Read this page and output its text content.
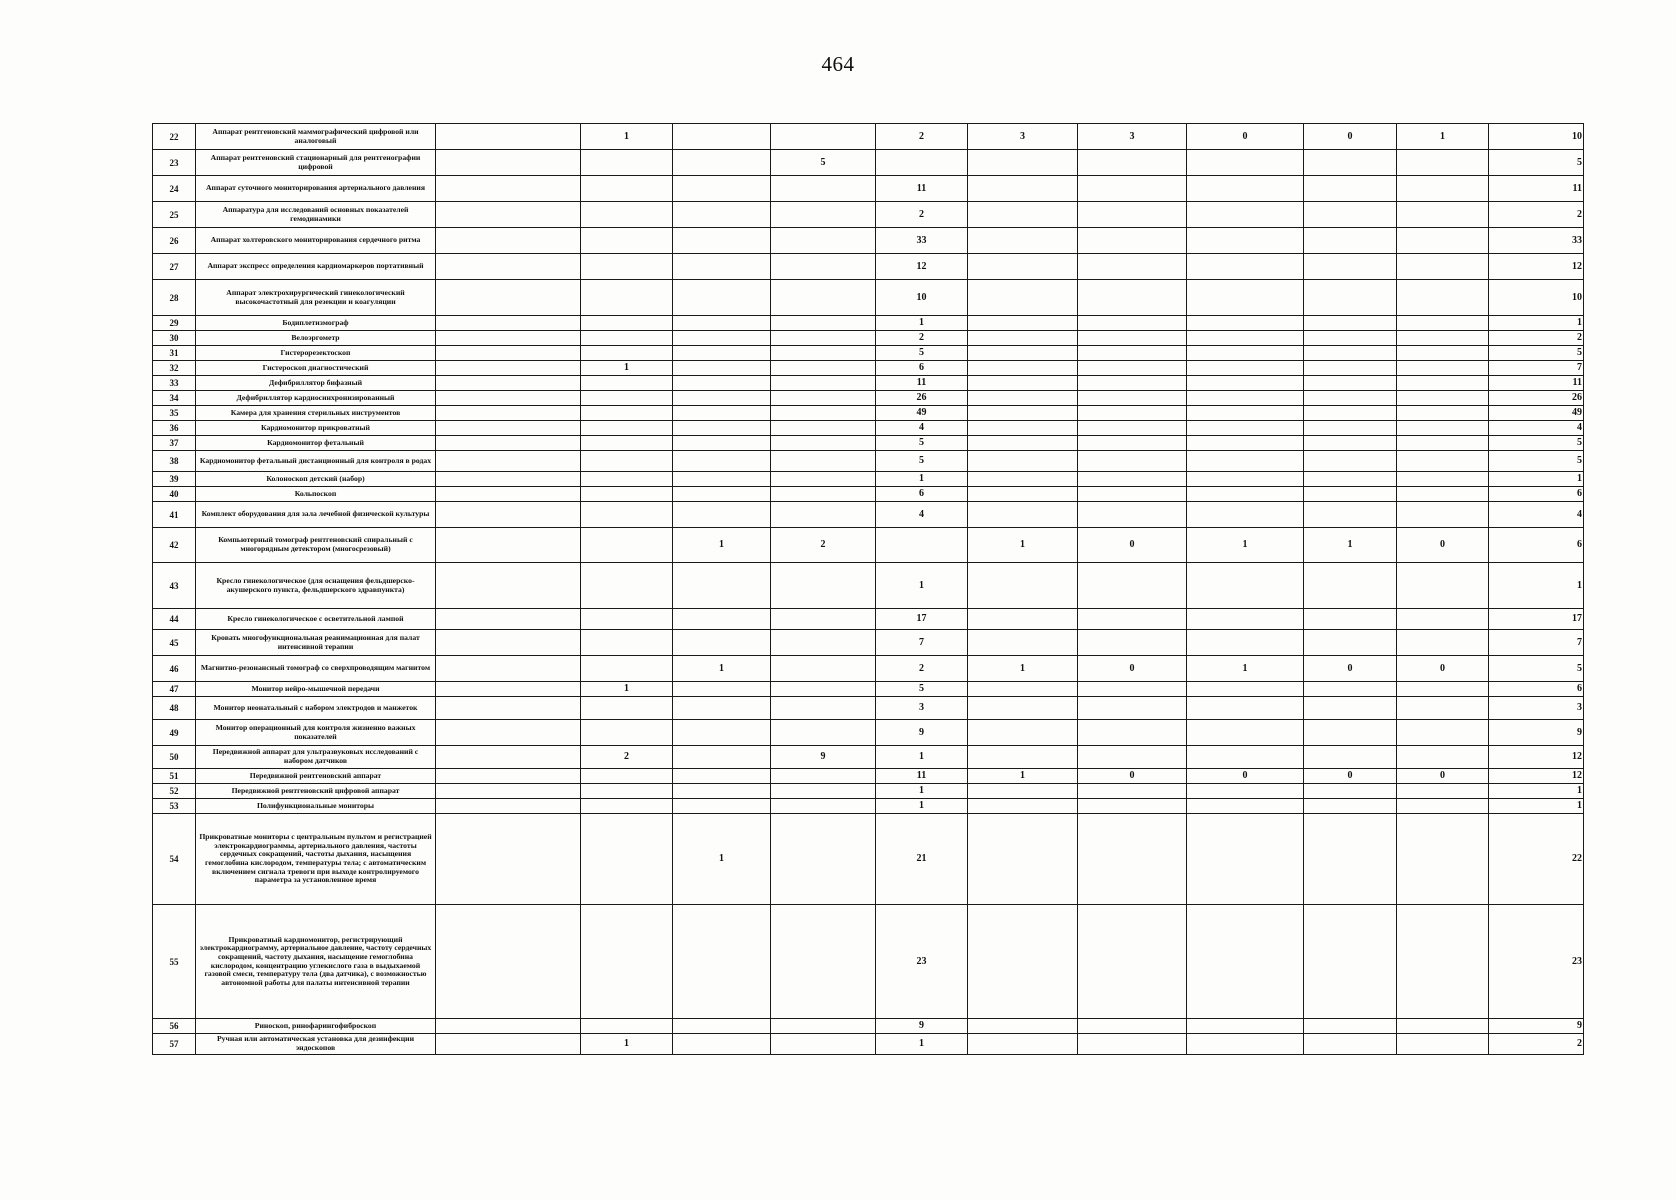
464
22	Аппарат рентгеновский маммографический цифровой или аналоговый		1			2	3	3	0	0	1	10
23	Аппарат рентгеновский стационарный для рентгенографии цифровой				5							5
24	Аппарат суточного мониторирования артериального давления					11						11
25	Аппаратура для исследований основных показателей гемодинамики					2						2
26	Аппарат холтеровского мониторирования сердечного ритма					33						33
27	Аппарат экспресс определения кардиомаркеров портативный					12						12
28	Аппарат электрохирургический гинекологический высокочастотный для резекции и коагуляции					10						10
29	Бодиплетизмограф					1						1
30	Велоэргометр					2						2
31	Гистерорезектоскоп					5						5
32	Гистероскоп диагностический		1			6						7
33	Дефибриллятор бифазный					11						11
34	Дефибриллятор кардиосинхронизированный					26						26
35	Камера для хранения стерильных инструментов					49						49
36	Кардиомонитор прикроватный					4						4
37	Кардиомонитор фетальный					5						5
38	Кардиомонитор фетальный дистанционный для контроля в родах					5						5
39	Колоноскоп детский (набор)					1						1
40	Кольпоскоп					6						6
41	Комплект оборудования для зала лечебной физической культуры					4						4
42	Компьютерный томограф рентгеновский спиральный с многорядным детектором (многосрезовый)			1	2		1	0	1	1	0	6
43	Кресло гинекологическое (для оснащения фельдшерско-акушерского пункта, фельдшерского здравпункта)					1						1
44	Кресло гинекологическое с осветительной лампой					17						17
45	Кровать многофункциональная реанимационная для палат интенсивной терапии					7						7
46	Магнитно-резонансный томограф со сверхпроводящим магнитом			1		2	1	0	1	0	0	5
47	Монитор нейро-мышечной передачи		1			5						6
48	Монитор неонатальный с набором электродов и манжеток					3						3
49	Монитор операционный для контроля жизненно важных показателей					9						9
50	Передвижной аппарат для ультразвуковых исследований с набором датчиков		2		9	1						12
51	Передвижной рентгеновский аппарат					11	1	0	0	0	0	12
52	Передвижной рентгеновский цифровой аппарат					1						1
53	Полифункциональные мониторы					1						1
54	Прикроватные мониторы с центральным пультом и регистрацией электрокардиограммы, артериального давления, частоты сердечных сокращений, частоты дыхания, насыщения гемоглобина кислородом, температуры тела; с автоматическим включением сигнала тревоги при выходе контролируемого параметра за установленное время			1		21						22
55	Прикроватный кардиомонитор, регистрирующий электрокардиограмму, артериальное давление, частоту сердечных сокращений, частоту дыхания, насыщение гемоглобина кислородом, концентрацию углекислого газа в выдыхаемой газовой смеси, температуру тела (два датчика), с возможностью автономной работы для палаты интенсивной терапии					23						23
56	Риноскоп, ринофарингофиброскоп					9						9
57	Ручная или автоматическая установка для дезинфекции эндоскопов		1			1						2
